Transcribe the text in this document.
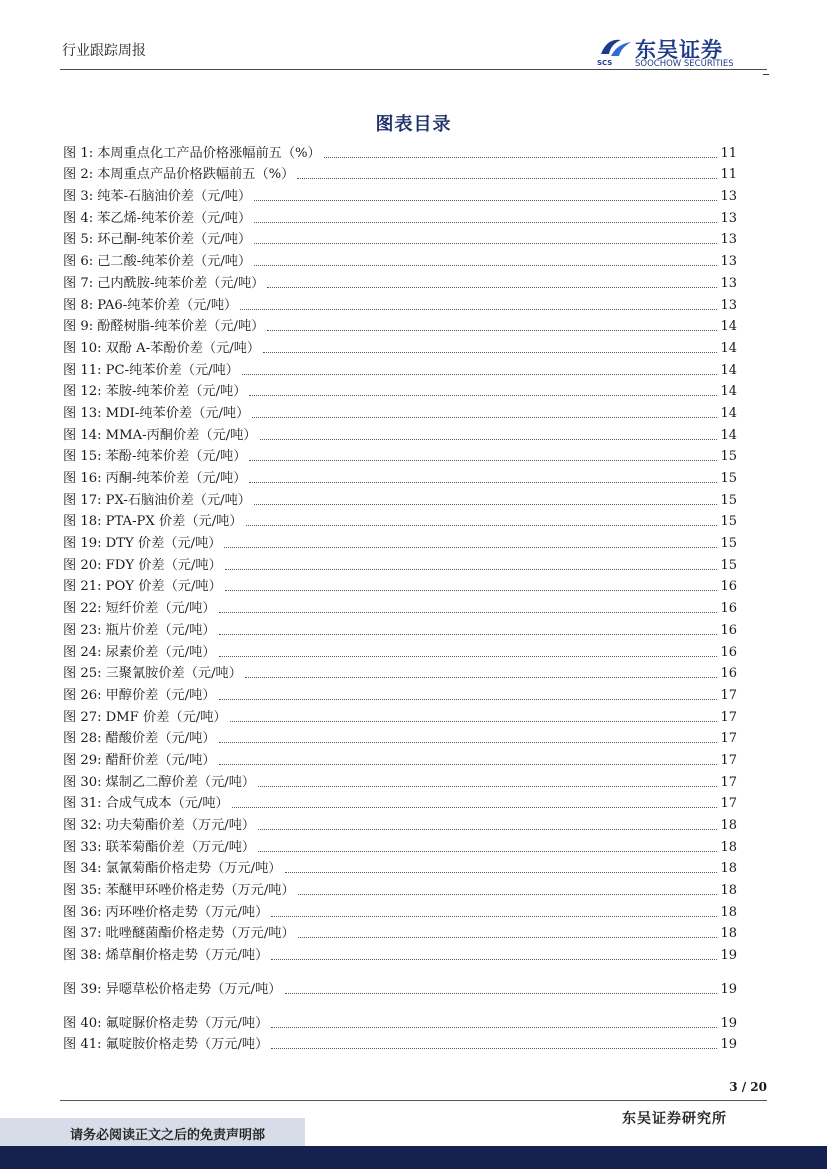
行业跟踪周报	东吴证券
SCS	SOOCHOW SECURITIES
图表目录
图 1: 本周重点化工产品价格涨幅前五（%）	11
图 2: 本周重点产品价格跌幅前五（%）	11
图 3: 纯苯-石脑油价差（元/吨）	13
图 4: 苯乙烯-纯苯价差（元/吨）	13
图 5: 环己酮-纯苯价差（元/吨）	13
图 6: 己二酸-纯苯价差（元/吨）	13
图 7: 己内酰胺-纯苯价差（元/吨）	13
图 8: PA6-纯苯价差（元/吨）	13
图 9: 酚醛树脂-纯苯价差（元/吨）	14
图 10: 双酚 A-苯酚价差（元/吨）	14
图 11: PC-纯苯价差（元/吨）	14
图 12: 苯胺-纯苯价差（元/吨）	14
图 13: MDI-纯苯价差（元/吨）	14
图 14: MMA-丙酮价差（元/吨）	14
图 15: 苯酚-纯苯价差（元/吨）	15
图 16: 丙酮-纯苯价差（元/吨）	15
图 17: PX-石脑油价差（元/吨）	15
图 18: PTA-PX 价差（元/吨）	15
图 19: DTY 价差（元/吨）	15
图 20: FDY 价差（元/吨）	15
图 21: POY 价差（元/吨）	16
图 22: 短纤价差（元/吨）	16
图 23: 瓶片价差（元/吨）	16
图 24: 尿素价差（元/吨）	16
图 25: 三聚氰胺价差（元/吨）	16
图 26: 甲醇价差（元/吨）	17
图 27: DMF 价差（元/吨）	17
图 28: 醋酸价差（元/吨）	17
图 29: 醋酐价差（元/吨）	17
图 30: 煤制乙二醇价差（元/吨）	17
图 31: 合成气成本（元/吨）	17
图 32: 功夫菊酯价差（万元/吨）	18
图 33: 联苯菊酯价差（万元/吨）	18
图 34: 氯氰菊酯价格走势（万元/吨）	18
图 35: 苯醚甲环唑价格走势（万元/吨）	18
图 36: 丙环唑价格走势（万元/吨）	18
图 37: 吡唑醚菌酯价格走势（万元/吨）	18
图 38: 烯草酮价格走势（万元/吨）	19
图 39: 异噁草松价格走势（万元/吨）	19
图 40: 氟啶脲价格走势（万元/吨）	19
图 41: 氟啶胺价格走势（万元/吨）	19
3 / 20
东吴证券研究所
请务必阅读正文之后的免责声明部
